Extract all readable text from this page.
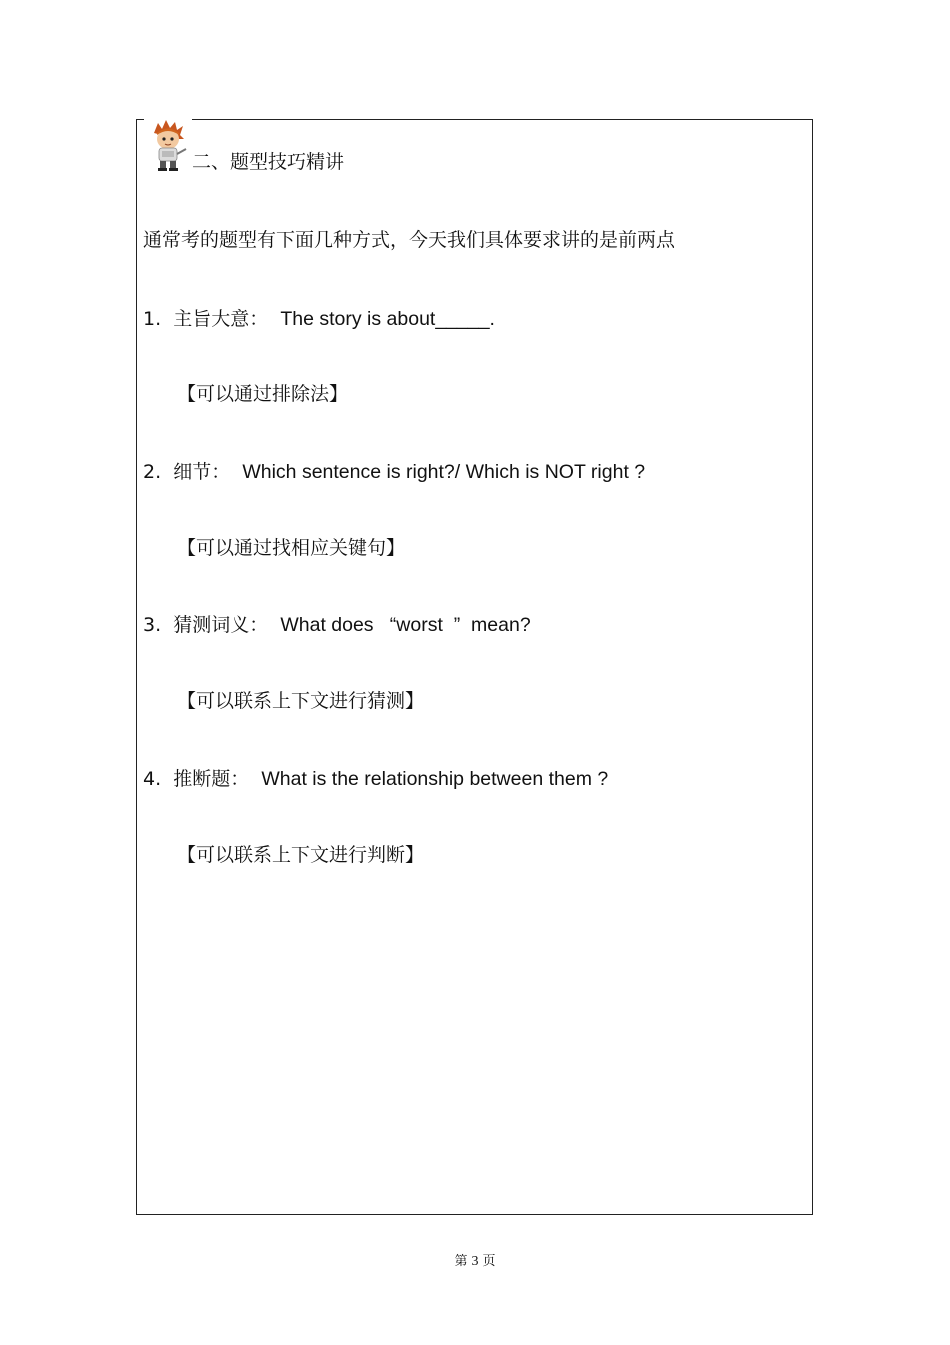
二、题型技巧精讲
通常考的题型有下面几种方式，今天我们具体要求讲的是前两点
1. 主旨大意： The story is about_____.
【可以通过排除法】
2. 细节： Which sentence is right?/ Which is NOT right ?
【可以通过找相应关键句】
3. 猜测词义： What does   “worst  ”  mean?
【可以联系上下文进行猜测】
4. 推断题： What is the relationship between them ?
【可以联系上下文进行判断】
第 3 页
